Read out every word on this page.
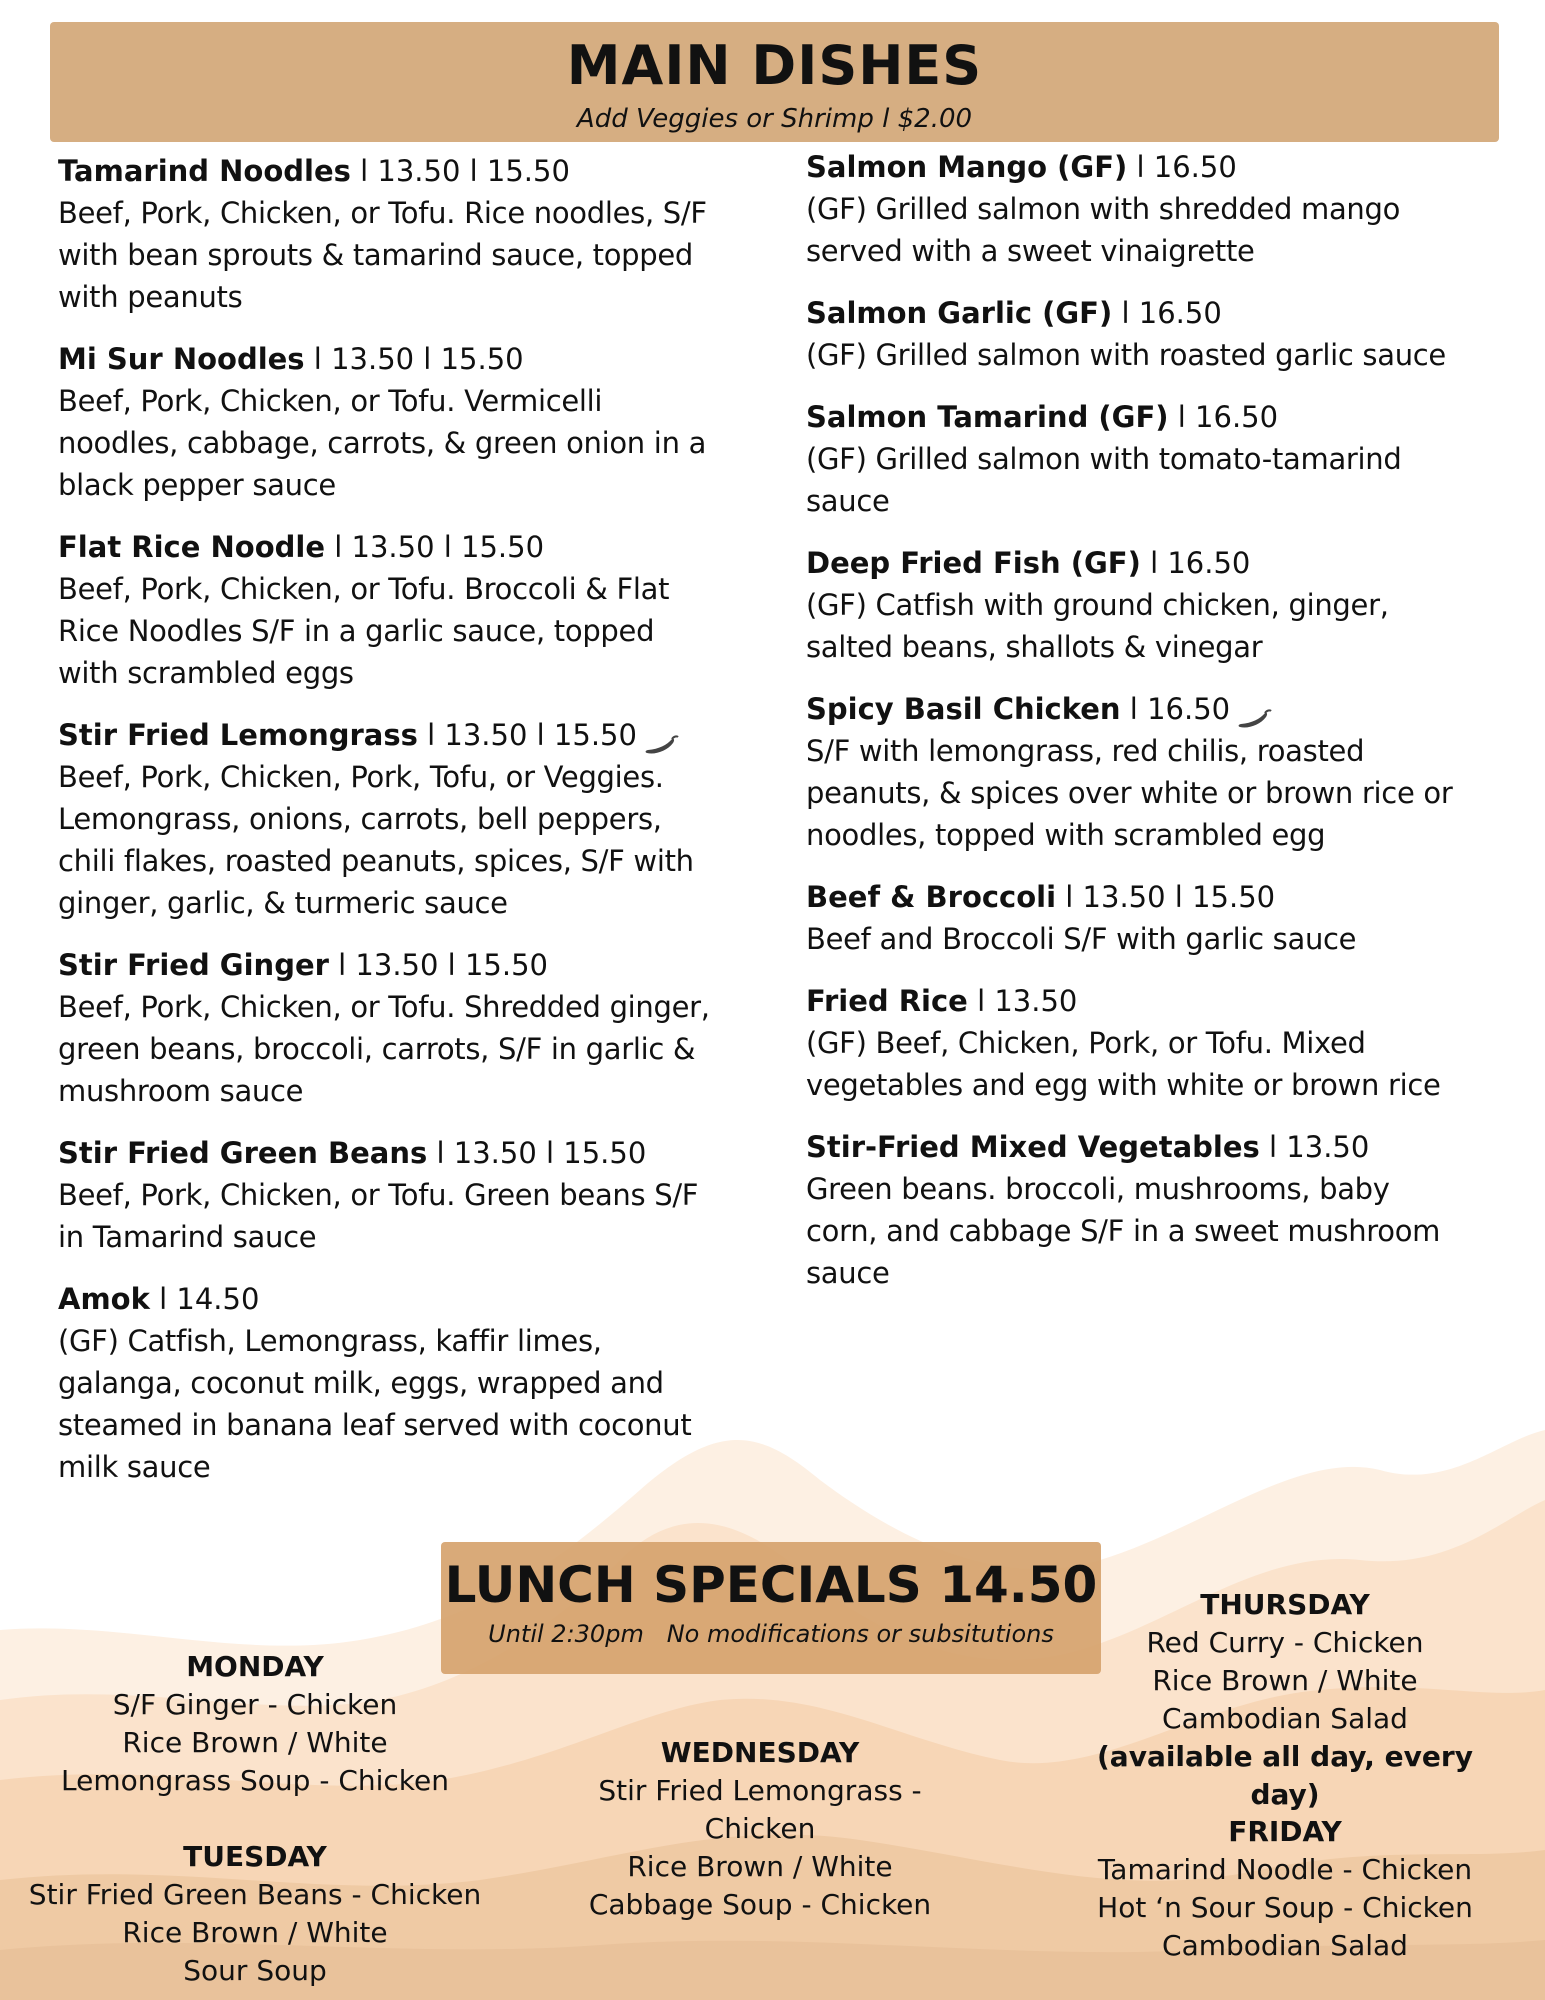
MAIN DISHES
Add Veggies or Shrimp l $2.00
Tamarind Noodles l 13.50 l 15.50
Beef, Pork, Chicken, or Tofu. Rice noodles, S/F
with bean sprouts & tamarind sauce, topped
with peanuts
Mi Sur Noodles l 13.50 l 15.50
Beef, Pork, Chicken, or Tofu. Vermicelli
noodles, cabbage, carrots, & green onion in a
black pepper sauce
Flat Rice Noodle l 13.50 l 15.50
Beef, Pork, Chicken, or Tofu. Broccoli & Flat
Rice Noodles S/F in a garlic sauce, topped
with scrambled eggs
Stir Fried Lemongrass l 13.50 l 15.50
Beef, Pork, Chicken, Pork, Tofu, or Veggies.
Lemongrass, onions, carrots, bell peppers,
chili flakes, roasted peanuts, spices, S/F with
ginger, garlic, & turmeric sauce
Stir Fried Ginger l 13.50 l 15.50
Beef, Pork, Chicken, or Tofu. Shredded ginger,
green beans, broccoli, carrots, S/F in garlic &
mushroom sauce
Stir Fried Green Beans l 13.50 l 15.50
Beef, Pork, Chicken, or Tofu. Green beans S/F
in Tamarind sauce
Amok l 14.50
(GF) Catfish, Lemongrass, kaffir limes,
galanga, coconut milk, eggs, wrapped and
steamed in banana leaf served with coconut
milk sauce
Salmon Mango (GF) l 16.50
(GF) Grilled salmon with shredded mango
served with a sweet vinaigrette
Salmon Garlic (GF) l 16.50
(GF) Grilled salmon with roasted garlic sauce
Salmon Tamarind (GF) l 16.50
(GF) Grilled salmon with tomato-tamarind
sauce
Deep Fried Fish (GF) l 16.50
(GF) Catfish with ground chicken, ginger,
salted beans, shallots & vinegar
Spicy Basil Chicken l 16.50
S/F with lemongrass, red chilis, roasted
peanuts, & spices over white or brown rice or
noodles, topped with scrambled egg
Beef & Broccoli l 13.50 l 15.50
Beef and Broccoli S/F with garlic sauce
Fried Rice l 13.50
(GF) Beef, Chicken, Pork, or Tofu. Mixed
vegetables and egg with white or brown rice
Stir-Fried Mixed Vegetables l 13.50
Green beans. broccoli, mushrooms, baby
corn, and cabbage S/F in a sweet mushroom
sauce
LUNCH SPECIALS 14.50
Until 2:30pm   No modifications or subsitutions
MONDAY
S/F Ginger - Chicken
Rice Brown / White
Lemongrass Soup - Chicken
TUESDAY
Stir Fried Green Beans - Chicken
Rice Brown / White
Sour Soup
WEDNESDAY
Stir Fried Lemongrass -
Chicken
Rice Brown / White
Cabbage Soup - Chicken
THURSDAY
Red Curry - Chicken
Rice Brown / White
Cambodian Salad
(available all day, every day)
FRIDAY
Tamarind Noodle - Chicken
Hot ‘n Sour Soup - Chicken
Cambodian Salad
